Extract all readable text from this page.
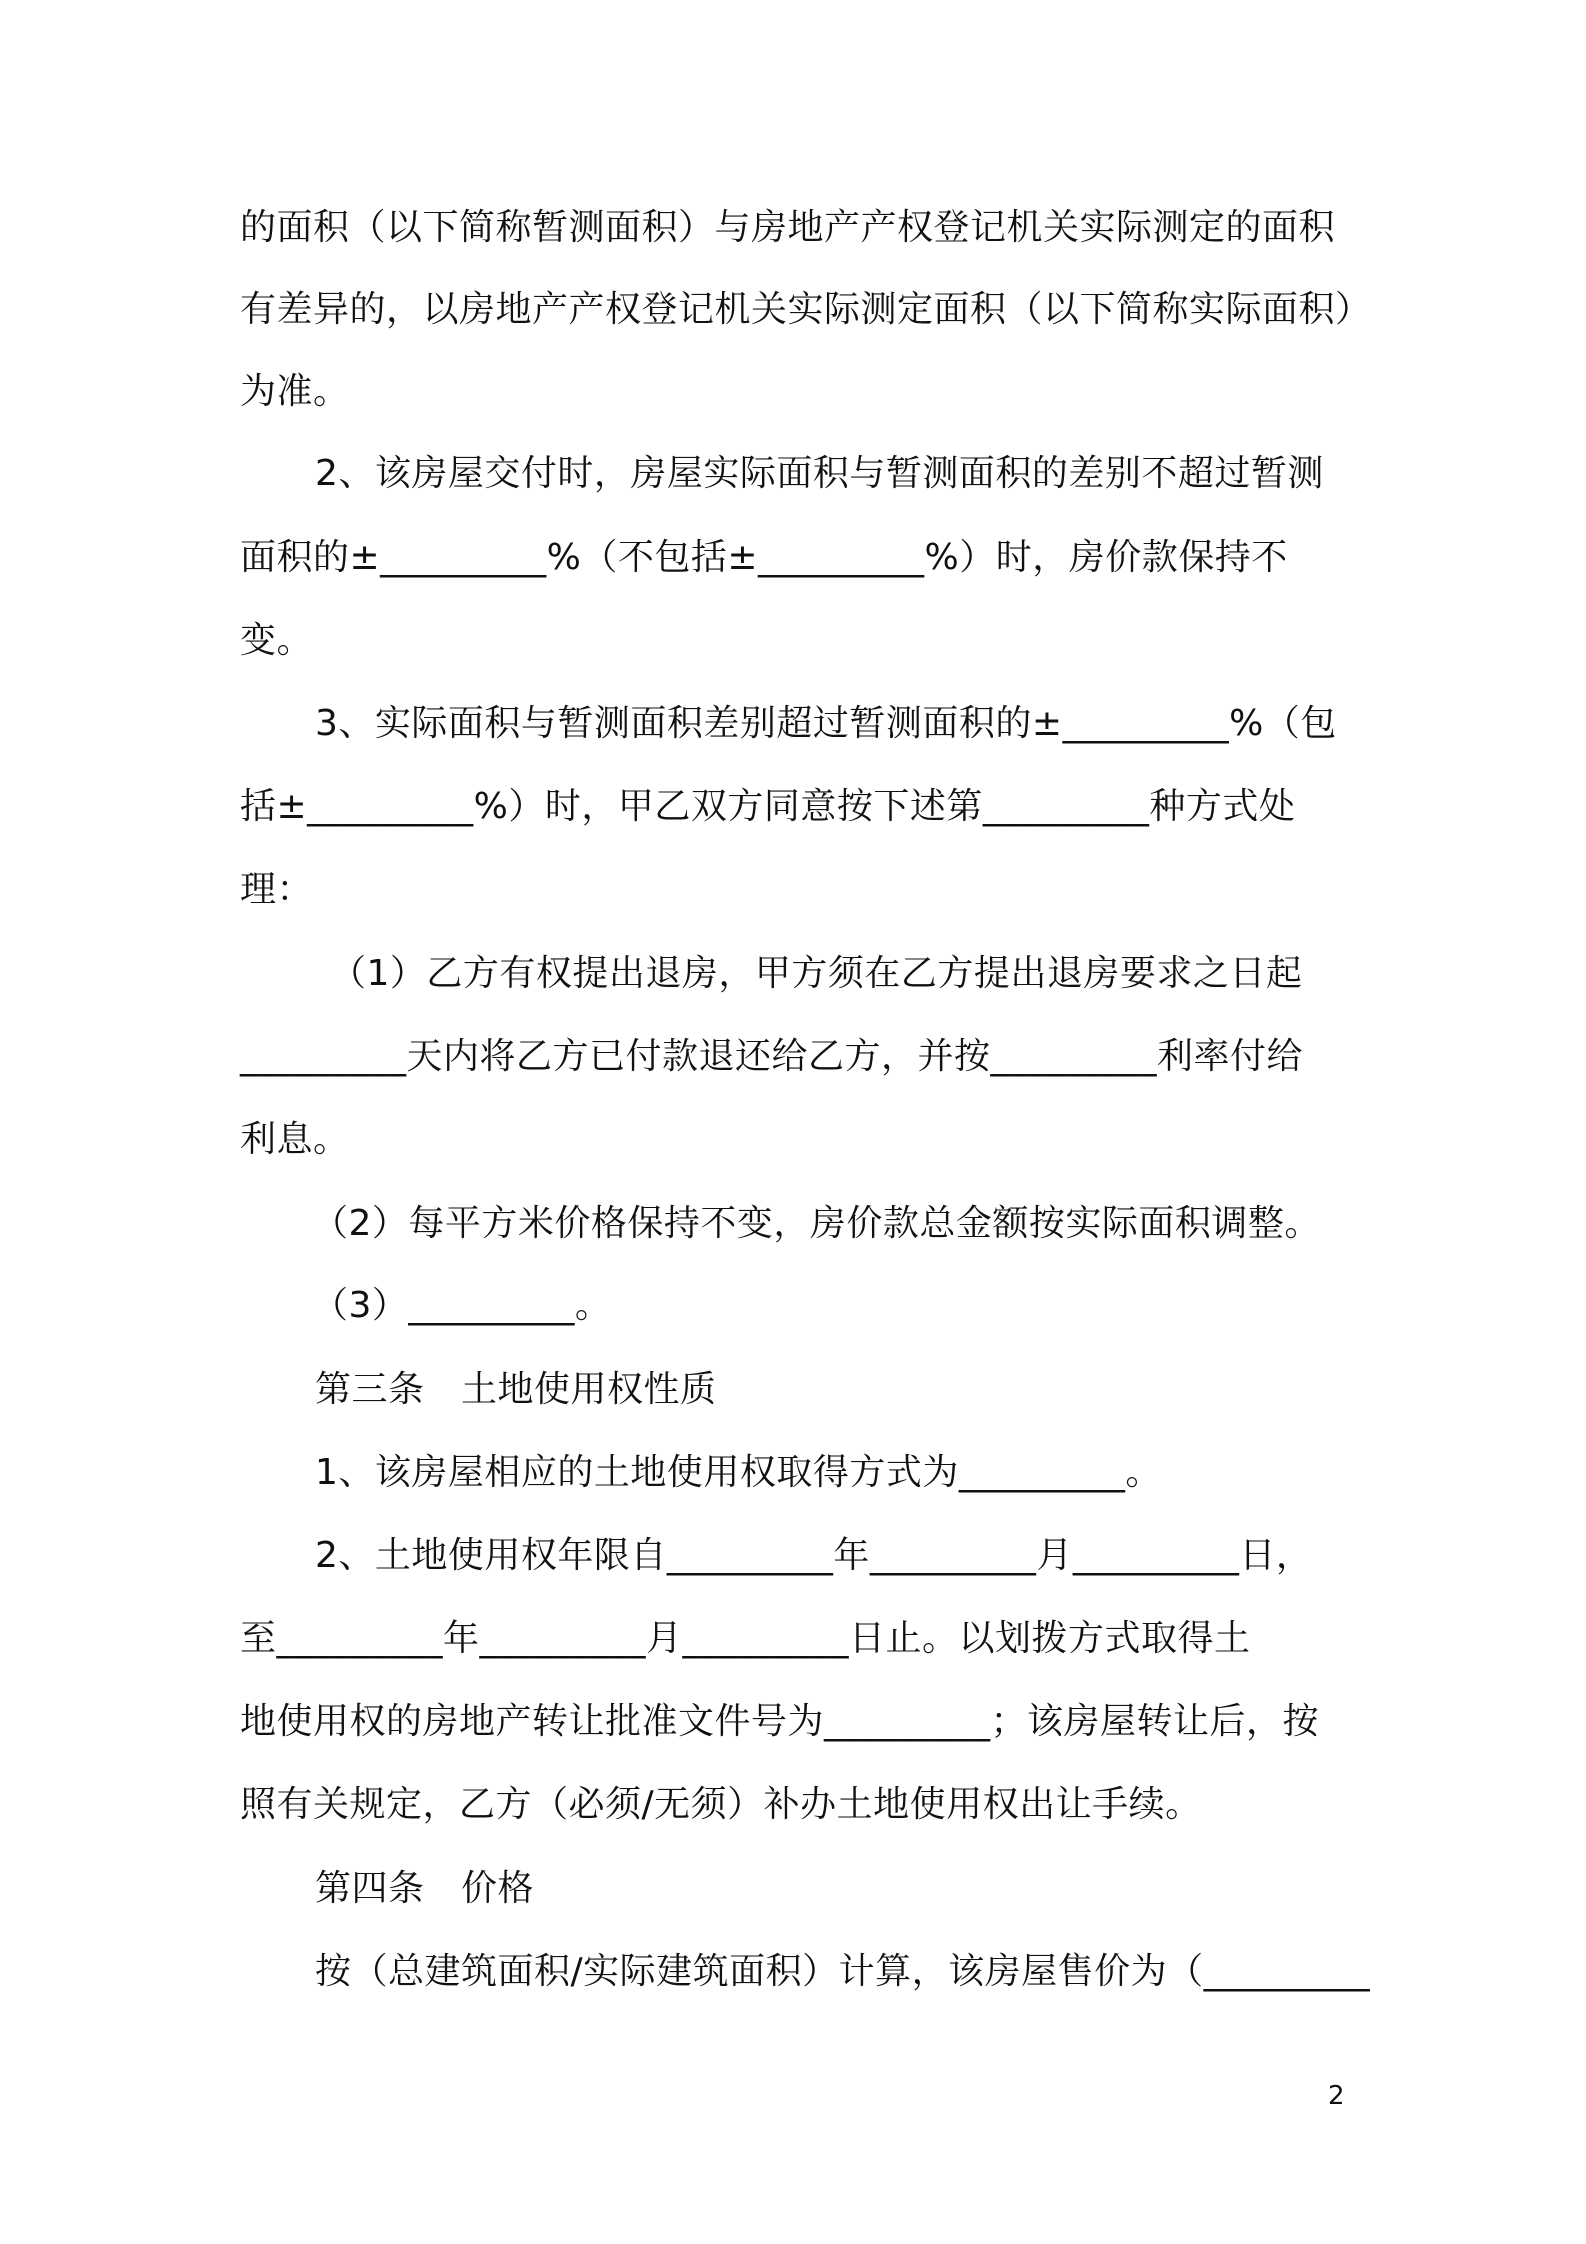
的面积（以下简称暂测面积）与房地产产权登记机关实际测定的面积
有差异的，以房地产产权登记机关实际测定面积（以下简称实际面积）
为准。
2、该房屋交付时，房屋实际面积与暂测面积的差别不超过暂测
面积的±_________%（不包括±_________%）时，房价款保持不
变。
3、实际面积与暂测面积差别超过暂测面积的±_________%（包
括±_________%）时，甲乙双方同意按下述第_________种方式处
理：
（1）乙方有权提出退房，甲方须在乙方提出退房要求之日起
_________天内将乙方已付款退还给乙方，并按_________利率付给
利息。
（2）每平方米价格保持不变，房价款总金额按实际面积调整。
（3）_________。
第三条　土地使用权性质
1、该房屋相应的土地使用权取得方式为_________。
2、土地使用权年限自_________年_________月_________日，
至_________年_________月_________日止。以划拨方式取得土
地使用权的房地产转让批准文件号为_________；该房屋转让后，按
照有关规定，乙方（必须/无须）补办土地使用权出让手续。
第四条　价格
按（总建筑面积/实际建筑面积）计算，该房屋售价为（_________
2
